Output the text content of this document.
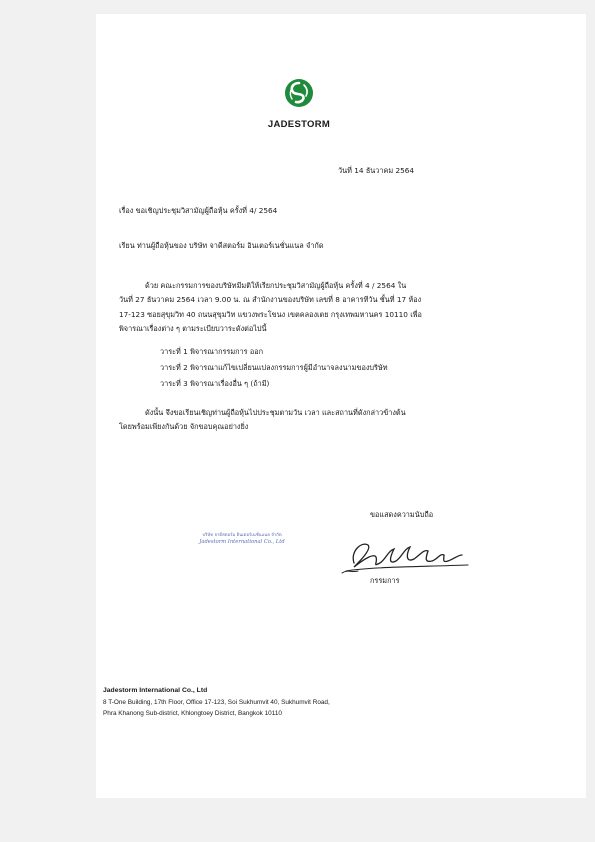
JADESTORM
วันที่ 14 ธันวาคม 2564
เรื่อง ขอเชิญประชุมวิสามัญผู้ถือหุ้น ครั้งที่ 4/ 2564
เรียน ท่านผู้ถือหุ้นของ บริษัท จาดีสตอร์ม อินเตอร์เนชั่นแนล จำกัด
ด้วย คณะกรรมการของบริษัทมีมติให้เรียกประชุมวิสามัญผู้ถือหุ้น ครั้งที่ 4 / 2564 ใน
วันที่ 27 ธันวาคม 2564 เวลา 9.00 น. ณ สำนักงานของบริษัท เลขที่ 8 อาคารทีวัน ชั้นที่ 17 ห้อง
17-123 ซอยสุขุมวิท 40 ถนนสุขุมวิท แขวงพระโขนง เขตคลองเตย กรุงเทพมหานคร 10110 เพื่อ
พิจารณาเรื่องต่าง ๆ ตามระเบียบวาระดังต่อไปนี้
วาระที่ 1 พิจารณากรรมการ ออก
วาระที่ 2 พิจารณาแก้ไขเปลี่ยนแปลงกรรมการผู้มีอำนาจลงนามของบริษัท
วาระที่ 3 พิจารณาเรื่องอื่น ๆ (ถ้ามี)
ดังนั้น จึงขอเรียนเชิญท่านผู้ถือหุ้นไปประชุมตามวัน เวลา และสถานที่ดังกล่าวข้างต้น
โดยพร้อมเพียงกันด้วย จักขอบคุณอย่างยิ่ง
ขอแสดงความนับถือ
บริษัท จาดีสตอร์ม อินเตอร์เนชั่นแนล จำกัด
Jadestorm International Co., Ltd
กรรมการ
Jadestorm International Co., Ltd
8 T-One Building, 17th Floor, Office 17-123, Soi Sukhumvit 40, Sukhumvit Road,
Phra Khanong Sub-district, Khlongtoey District, Bangkok 10110
